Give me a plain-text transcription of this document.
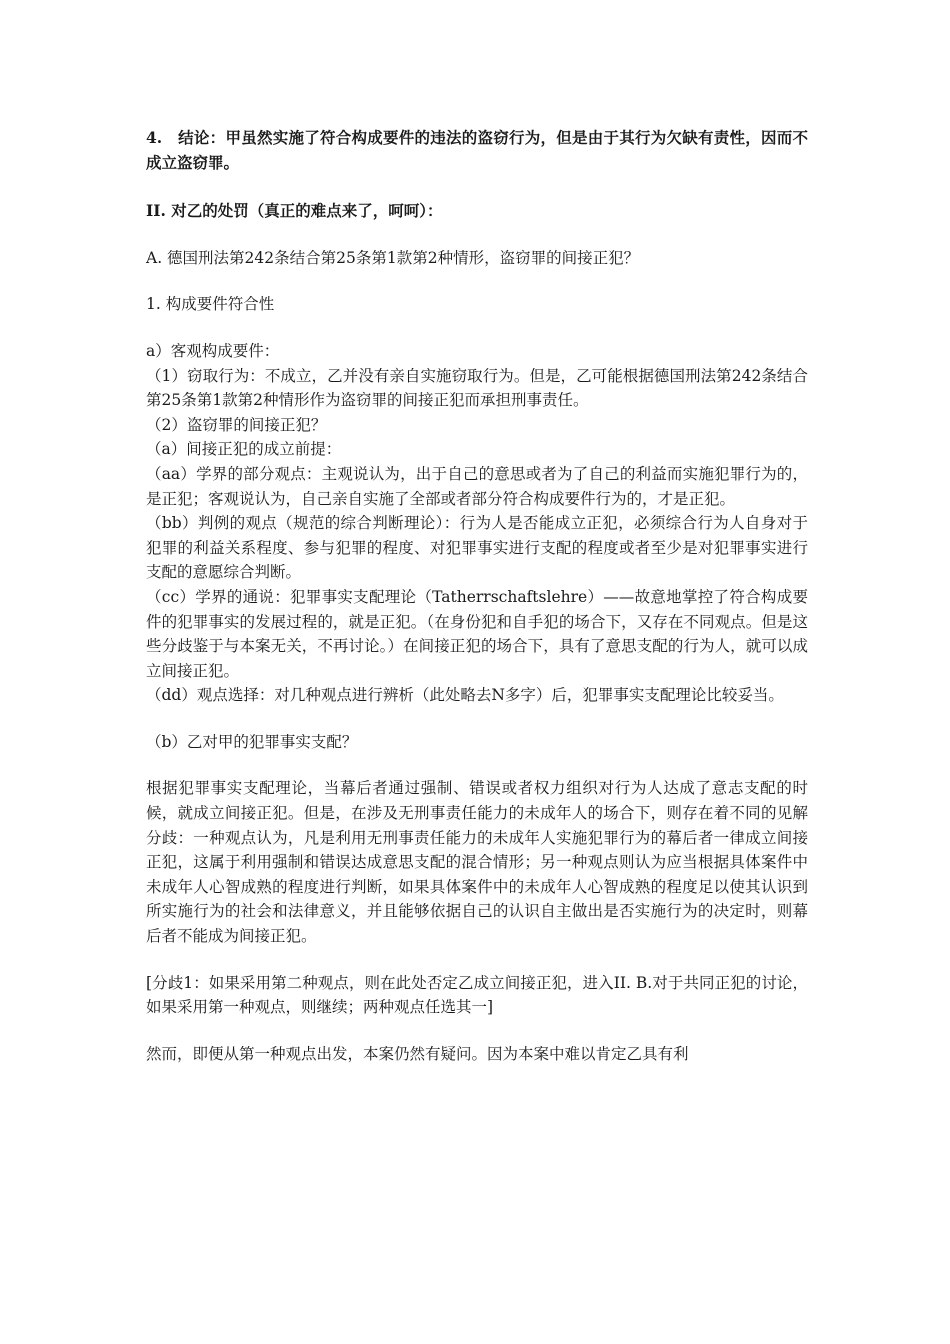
4.　结论：甲虽然实施了符合构成要件的违法的盗窃行为，但是由于其行为欠缺有责性，因而不成立盗窃罪。

II. 对乙的处罚（真正的难点来了，呵呵）：

A. 德国刑法第242条结合第25条第1款第2种情形，盗窃罪的间接正犯？

1. 构成要件符合性

a）客观构成要件：

（1）窃取行为：不成立，乙并没有亲自实施窃取行为。但是，乙可能根据德国刑法第242条结合第25条第1款第2种情形作为盗窃罪的间接正犯而承担刑事责任。

（2）盗窃罪的间接正犯？

（a）间接正犯的成立前提：

（aa）学界的部分观点：主观说认为，出于自己的意思或者为了自己的利益而实施犯罪行为的，是正犯；客观说认为，自己亲自实施了全部或者部分符合构成要件行为的，才是正犯。

（bb）判例的观点（规范的综合判断理论）：行为人是否能成立正犯，必须综合行为人自身对于犯罪的利益关系程度、参与犯罪的程度、对犯罪事实进行支配的程度或者至少是对犯罪事实进行支配的意愿综合判断。

（cc）学界的通说：犯罪事实支配理论（Tatherrschaftslehre）——故意地掌控了符合构成要件的犯罪事实的发展过程的，就是正犯。（在身份犯和自手犯的场合下，又存在不同观点。但是这些分歧鉴于与本案无关，不再讨论。）在间接正犯的场合下，具有了意思支配的行为人，就可以成立间接正犯。

（dd）观点选择：对几种观点进行辨析（此处略去N多字）后，犯罪事实支配理论比较妥当。

（b）乙对甲的犯罪事实支配？

根据犯罪事实支配理论，当幕后者通过强制、错误或者权力组织对行为人达成了意志支配的时候，就成立间接正犯。但是，在涉及无刑事责任能力的未成年人的场合下，则存在着不同的见解分歧：一种观点认为，凡是利用无刑事责任能力的未成年人实施犯罪行为的幕后者一律成立间接正犯，这属于利用强制和错误达成意思支配的混合情形；另一种观点则认为应当根据具体案件中未成年人心智成熟的程度进行判断，如果具体案件中的未成年人心智成熟的程度足以使其认识到所实施行为的社会和法律意义，并且能够依据自己的认识自主做出是否实施行为的决定时，则幕后者不能成为间接正犯。

[分歧1：如果采用第二种观点，则在此处否定乙成立间接正犯，进入II. B.对于共同正犯的讨论，如果采用第一种观点，则继续；两种观点任选其一]

然而，即便从第一种观点出发，本案仍然有疑问。因为本案中难以肯定乙具有利
